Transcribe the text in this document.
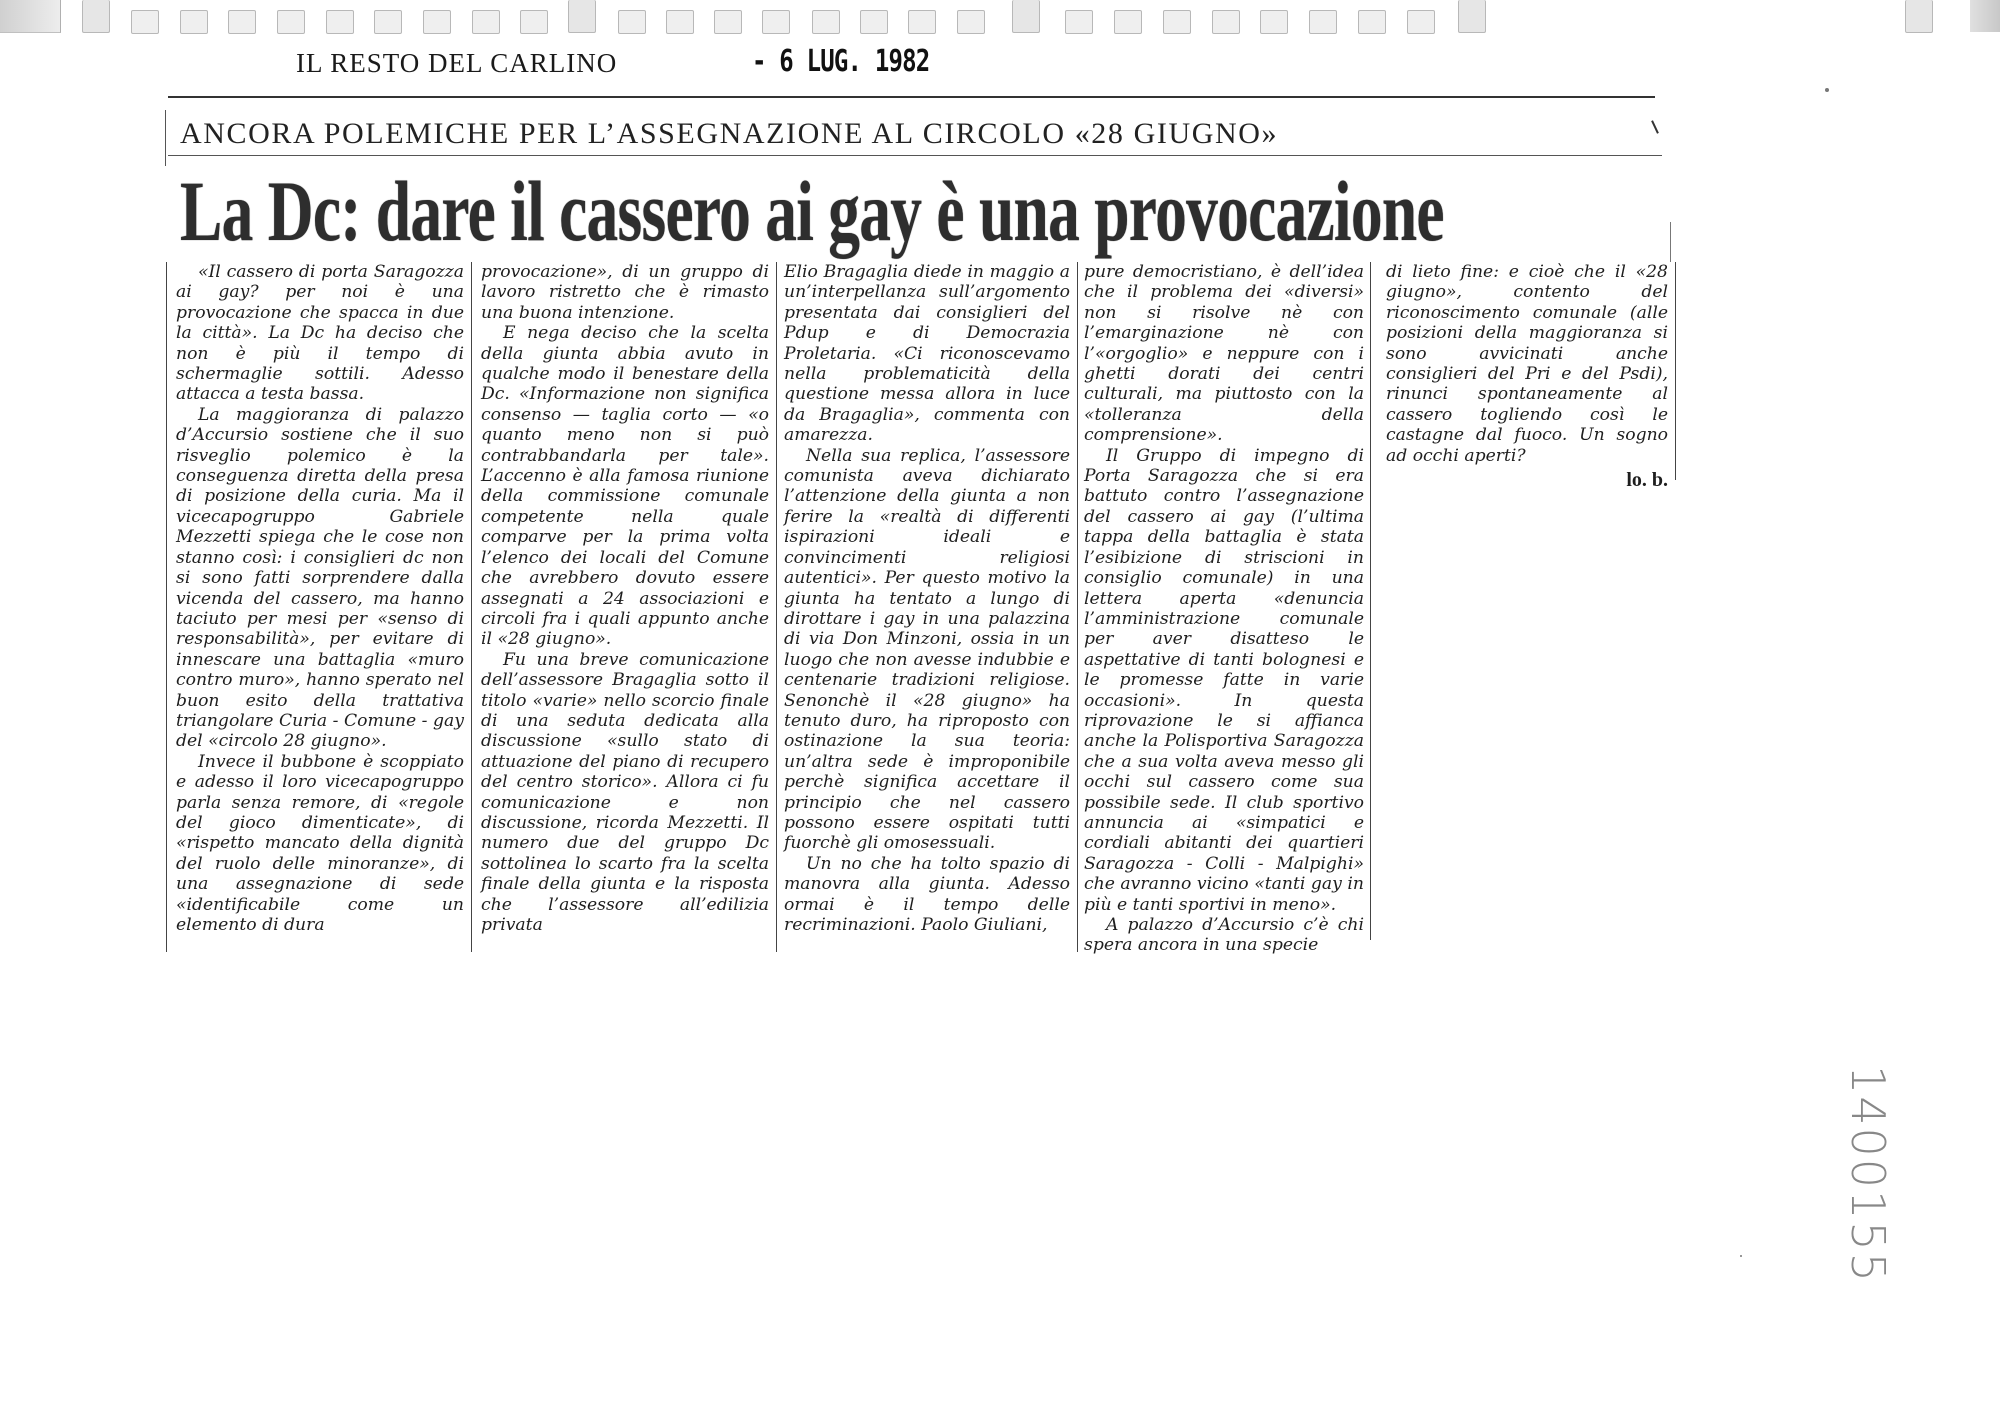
IL RESTO DEL CARLINO	- 6 LUG. 1982
ANCORA POLEMICHE PER L’ASSEGNAZIONE AL CIRCOLO «28 GIUGNO»
La Dc: dare il cassero ai gay è una provocazione

«Il cassero di porta Saragozza ai gay? per noi è una provocazione che spacca in due la città». La Dc ha deciso che non è più il tempo di schermaglie sottili. Adesso attacca a testa bassa.

La maggioranza di palazzo d’Accursio sostiene che il suo risveglio polemico è la conseguenza diretta della presa di posizione della curia. Ma il vicecapogruppo Gabriele Mezzetti spiega che le cose non stanno così: i consiglieri dc non si sono fatti sorprendere dalla vicenda del cassero, ma hanno taciuto per mesi per «senso di responsabilità», per evitare di innescare una battaglia «muro contro muro», hanno sperato nel buon esito della trattativa triangolare Curia - Comune - gay del «circolo 28 giugno».

Invece il bubbone è scoppiato e adesso il loro vicecapogruppo parla senza remore, di «regole del gioco dimenticate», di «rispetto mancato della dignità del ruolo delle minoranze», di una assegnazione di sede «identificabile come un elemento di dura

provocazione», di un gruppo di lavoro ristretto che è rimasto una buona intenzione.

E nega deciso che la scelta della giunta abbia avuto in qualche modo il benestare della Dc. «Informazione non significa consenso — taglia corto — «o quanto meno non si può contrabbandarla per tale». L’accenno è alla famosa riunione della commissione comunale competente nella quale comparve per la prima volta l’elenco dei locali del Comune che avrebbero dovuto essere assegnati a 24 associazioni e circoli fra i quali appunto anche il «28 giugno».

Fu una breve comunicazione dell’assessore Bragaglia sotto il titolo «varie» nello scorcio finale di una seduta dedicata alla discussione «sullo stato di attuazione del piano di recupero del centro storico». Allora ci fu comunicazione e non discussione, ricorda Mezzetti. Il numero due del gruppo Dc sottolinea lo scarto fra la scelta finale della giunta e la risposta che l’assessore all’edilizia privata

Elio Bragaglia diede in maggio a un’interpellanza sull’argomento presentata dai consiglieri del Pdup e di Democrazia Proletaria. «Ci riconoscevamo nella problematicità della questione messa allora in luce da Bragaglia», commenta con amarezza.

Nella sua replica, l’assessore comunista aveva dichiarato l’attenzione della giunta a non ferire la «realtà di differenti ispirazioni ideali e convincimenti religiosi autentici». Per questo motivo la giunta ha tentato a lungo di dirottare i gay in una palazzina di via Don Minzoni, ossia in un luogo che non avesse indubbie e centenarie tradizioni religiose. Senonchè il «28 giugno» ha tenuto duro, ha riproposto con ostinazione la sua teoria: un’altra sede è improponibile perchè significa accettare il principio che nel cassero possono essere ospitati tutti fuorchè gli omosessuali.

Un no che ha tolto spazio di manovra alla giunta. Adesso ormai è il tempo delle recriminazioni. Paolo Giuliani,

pure democristiano, è dell’idea che il problema dei «diversi» non si risolve nè con l’emarginazione nè con l’«orgoglio» e neppure con i ghetti dorati dei centri culturali, ma piuttosto con la «tolleranza della comprensione».

Il Gruppo di impegno di Porta Saragozza che si era battuto contro l’assegnazione del cassero ai gay (l’ultima tappa della battaglia è stata l’esibizione di striscioni in consiglio comunale) in una lettera aperta «denuncia l’amministrazione comunale per aver disatteso le aspettative di tanti bolognesi e le promesse fatte in varie occasioni». In questa riprovazione le si affianca anche la Polisportiva Saragozza che a sua volta aveva messo gli occhi sul cassero come sua possibile sede. Il club sportivo annuncia ai «simpatici e cordiali abitanti dei quartieri Saragozza - Colli - Malpighi» che avranno vicino «tanti gay in più e tanti sportivi in meno».

A palazzo d’Accursio c’è chi spera ancora in una specie

di lieto fine: e cioè che il «28 giugno», contento del riconoscimento comunale (alle posizioni della maggioranza si sono avvicinati anche consiglieri del Pri e del Psdi), rinunci spontaneamente al cassero togliendo così le castagne dal fuoco. Un sogno ad occhi aperti?

lo. b.
1400155
